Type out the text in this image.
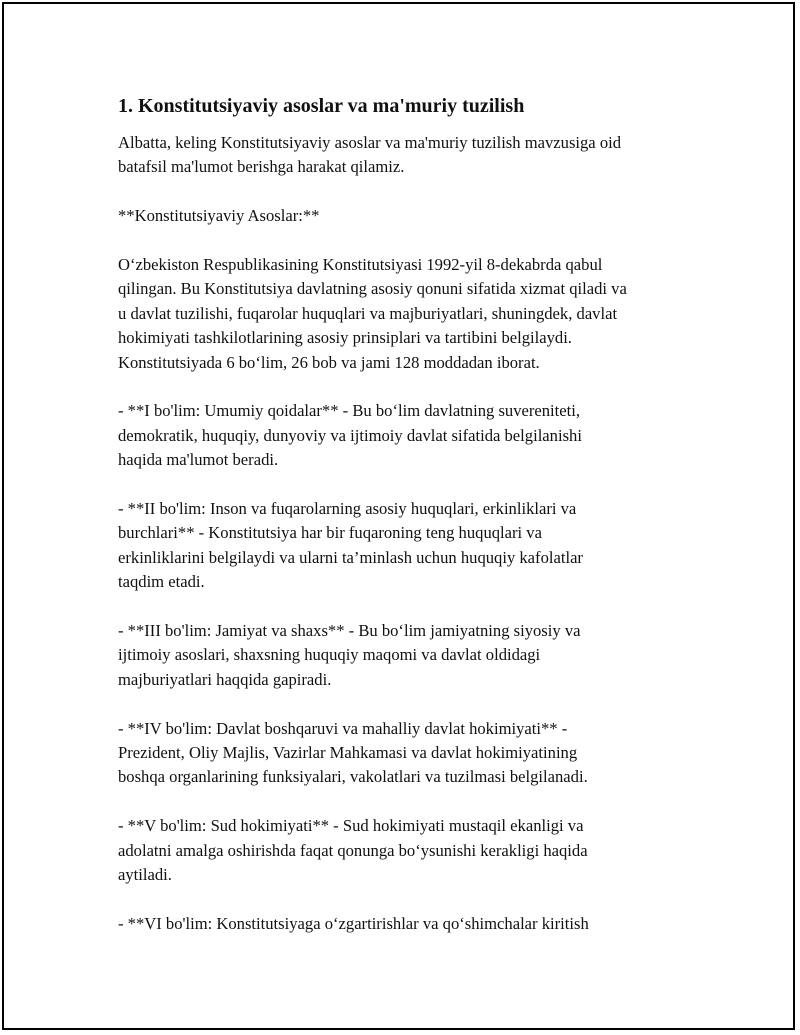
1. Konstitutsiyaviy asoslar va ma'muriy tuzilish

Albatta, keling Konstitutsiyaviy asoslar va ma'muriy tuzilish mavzusiga oid
batafsil ma'lumot berishga harakat qilamiz.

**Konstitutsiyaviy Asoslar:**

O‘zbekiston Respublikasining Konstitutsiyasi 1992-yil 8-dekabrda qabul
qilingan. Bu Konstitutsiya davlatning asosiy qonuni sifatida xizmat qiladi va
u davlat tuzilishi, fuqarolar huquqlari va majburiyatlari, shuningdek, davlat
hokimiyati tashkilotlarining asosiy prinsiplari va tartibini belgilaydi.
Konstitutsiyada 6 bo‘lim, 26 bob va jami 128 moddadan iborat.

- **I bo'lim: Umumiy qoidalar** - Bu bo‘lim davlatning suvereniteti,
demokratik, huquqiy, dunyoviy va ijtimoiy davlat sifatida belgilanishi
haqida ma'lumot beradi.

- **II bo'lim: Inson va fuqarolarning asosiy huquqlari, erkinliklari va
burchlari** - Konstitutsiya har bir fuqaroning teng huquqlari va
erkinliklarini belgilaydi va ularni ta’minlash uchun huquqiy kafolatlar
taqdim etadi.

- **III bo'lim: Jamiyat va shaxs** - Bu bo‘lim jamiyatning siyosiy va
ijtimoiy asoslari, shaxsning huquqiy maqomi va davlat oldidagi
majburiyatlari haqqida gapiradi.

- **IV bo'lim: Davlat boshqaruvi va mahalliy davlat hokimiyati** -
Prezident, Oliy Majlis, Vazirlar Mahkamasi va davlat hokimiyatining
boshqa organlarining funksiyalari, vakolatlari va tuzilmasi belgilanadi.

- **V bo'lim: Sud hokimiyati** - Sud hokimiyati mustaqil ekanligi va
adolatni amalga oshirishda faqat qonunga bo‘ysunishi kerakligi haqida
aytiladi.

- **VI bo'lim: Konstitutsiyaga o‘zgartirishlar va qo‘shimchalar kiritish
